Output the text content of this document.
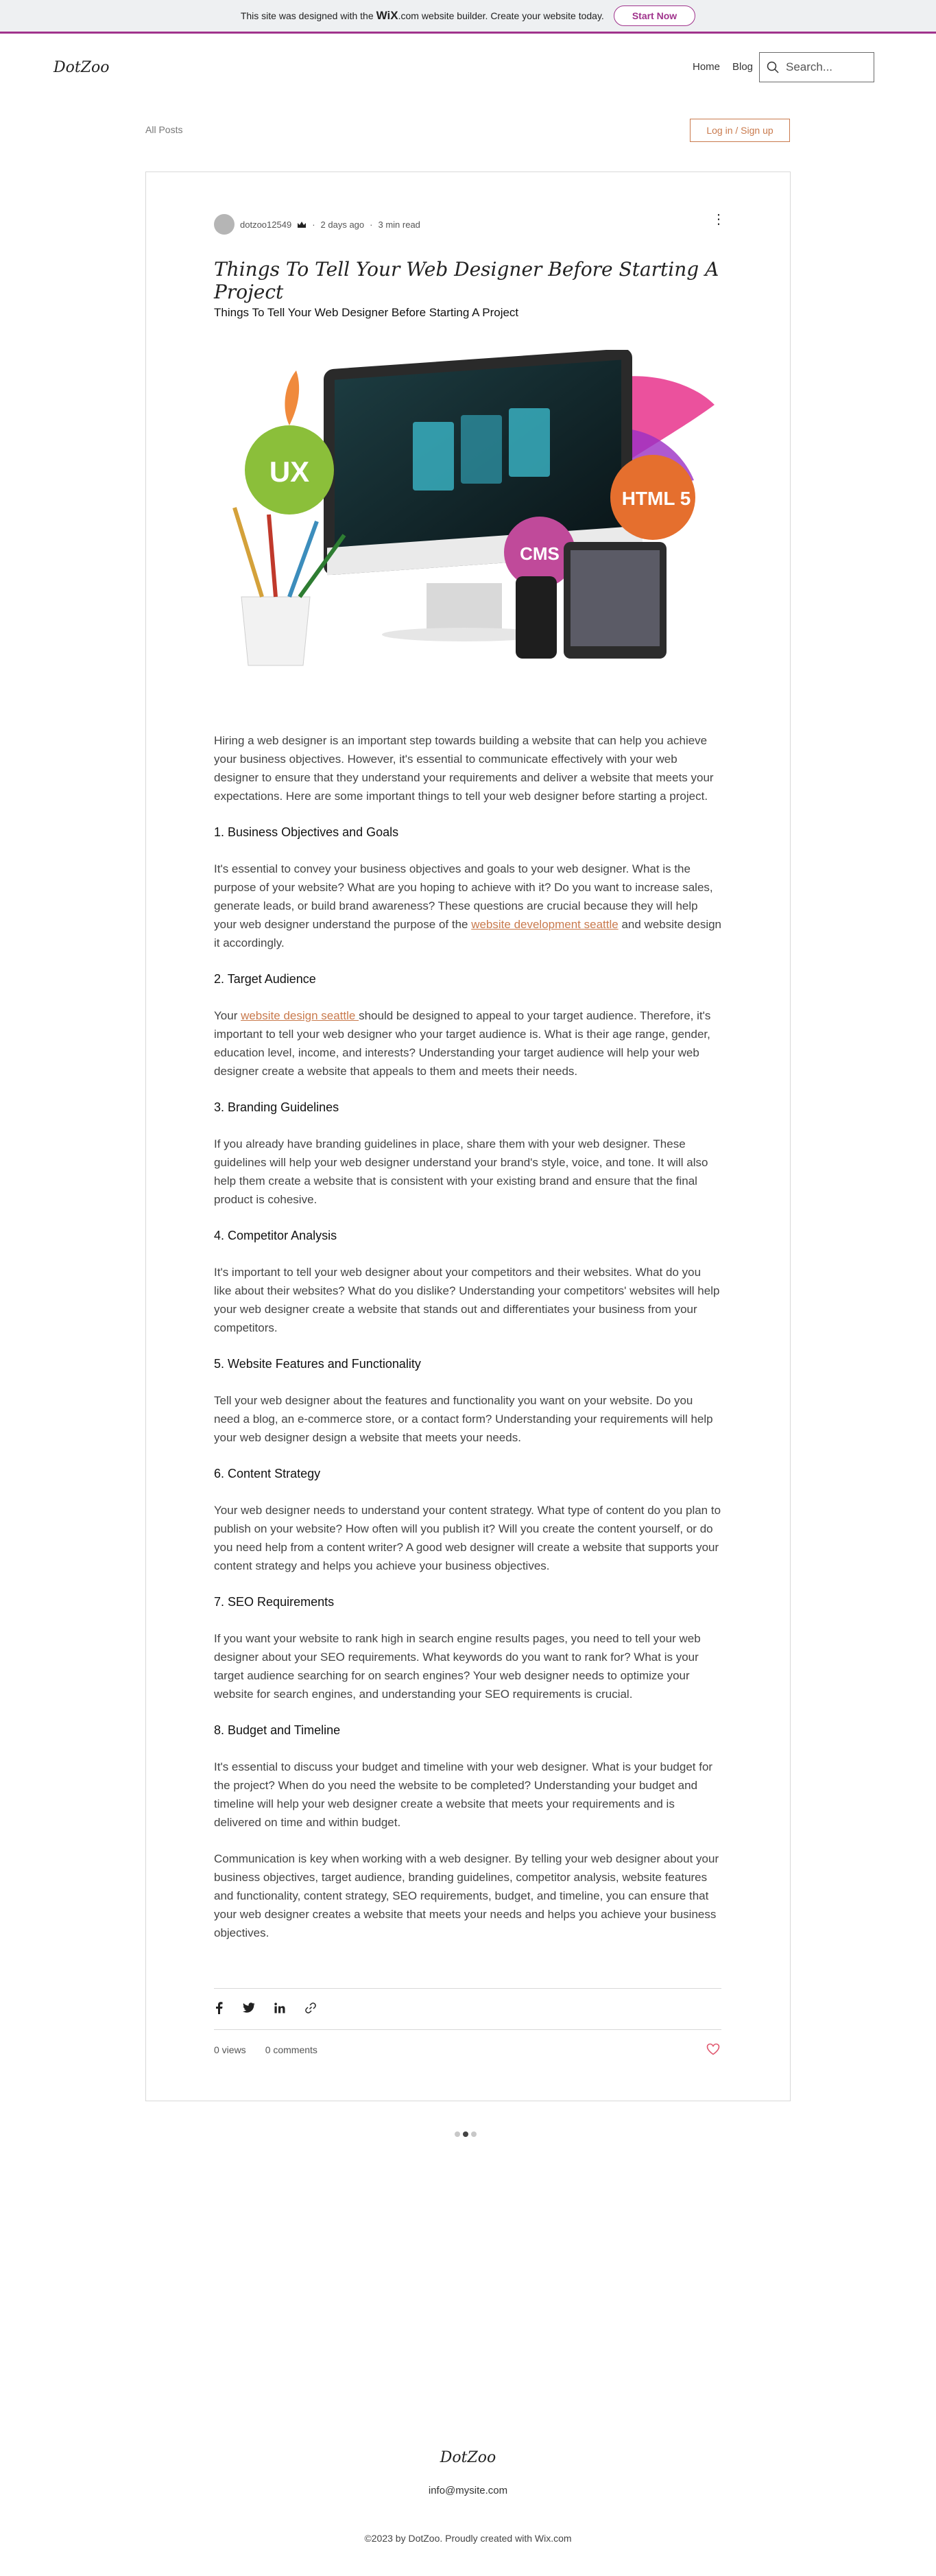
This site was designed with the WiX.com website builder. Create your website today.	Start Now
DotZoo	Home Blog	Search...
All Posts	Log in / Sign up
dotzoo12549 · 2 days ago · 3 min read	⋮
Things To Tell Your Web Designer Before Starting A Project
Things To Tell Your Web Designer Before Starting A Project
UX
CMS
HTML 5

Hiring a web designer is an important step towards building a website that can help you achieve your business objectives. However, it's essential to communicate effectively with your web designer to ensure that they understand your requirements and deliver a website that meets your expectations. Here are some important things to tell your web designer before starting a project.

1. Business Objectives and Goals

It's essential to convey your business objectives and goals to your web designer. What is the purpose of your website? What are you hoping to achieve with it? Do you want to increase sales, generate leads, or build brand awareness? These questions are crucial because they will help your web designer understand the purpose of the website development seattle and website design it accordingly.

2. Target Audience

Your website design seattle should be designed to appeal to your target audience. Therefore, it's important to tell your web designer who your target audience is. What is their age range, gender, education level, income, and interests? Understanding your target audience will help your web designer create a website that appeals to them and meets their needs.

3. Branding Guidelines

If you already have branding guidelines in place, share them with your web designer. These guidelines will help your web designer understand your brand's style, voice, and tone. It will also help them create a website that is consistent with your existing brand and ensure that the final product is cohesive.

4. Competitor Analysis

It's important to tell your web designer about your competitors and their websites. What do you like about their websites? What do you dislike? Understanding your competitors' websites will help your web designer create a website that stands out and differentiates your business from your competitors.

5. Website Features and Functionality

Tell your web designer about the features and functionality you want on your website. Do you need a blog, an e-commerce store, or a contact form? Understanding your requirements will help your web designer design a website that meets your needs.

6. Content Strategy

Your web designer needs to understand your content strategy. What type of content do you plan to publish on your website? How often will you publish it? Will you create the content yourself, or do you need help from a content writer? A good web designer will create a website that supports your content strategy and helps you achieve your business objectives.

7. SEO Requirements

If you want your website to rank high in search engine results pages, you need to tell your web designer about your SEO requirements. What keywords do you want to rank for? What is your target audience searching for on search engines? Your web designer needs to optimize your website for search engines, and understanding your SEO requirements is crucial.

8. Budget and Timeline

It's essential to discuss your budget and timeline with your web designer. What is your budget for the project? When do you need the website to be completed? Understanding your budget and timeline will help your web designer create a website that meets your requirements and is delivered on time and within budget.

Communication is key when working with a web designer. By telling your web designer about your business objectives, target audience, branding guidelines, competitor analysis, website features and functionality, content strategy, SEO requirements, budget, and timeline, you can ensure that your web designer creates a website that meets your needs and helps you achieve your business objectives.

0 views 0 comments
DotZoo
info@mysite.com
©2023 by DotZoo. Proudly created with Wix.com
